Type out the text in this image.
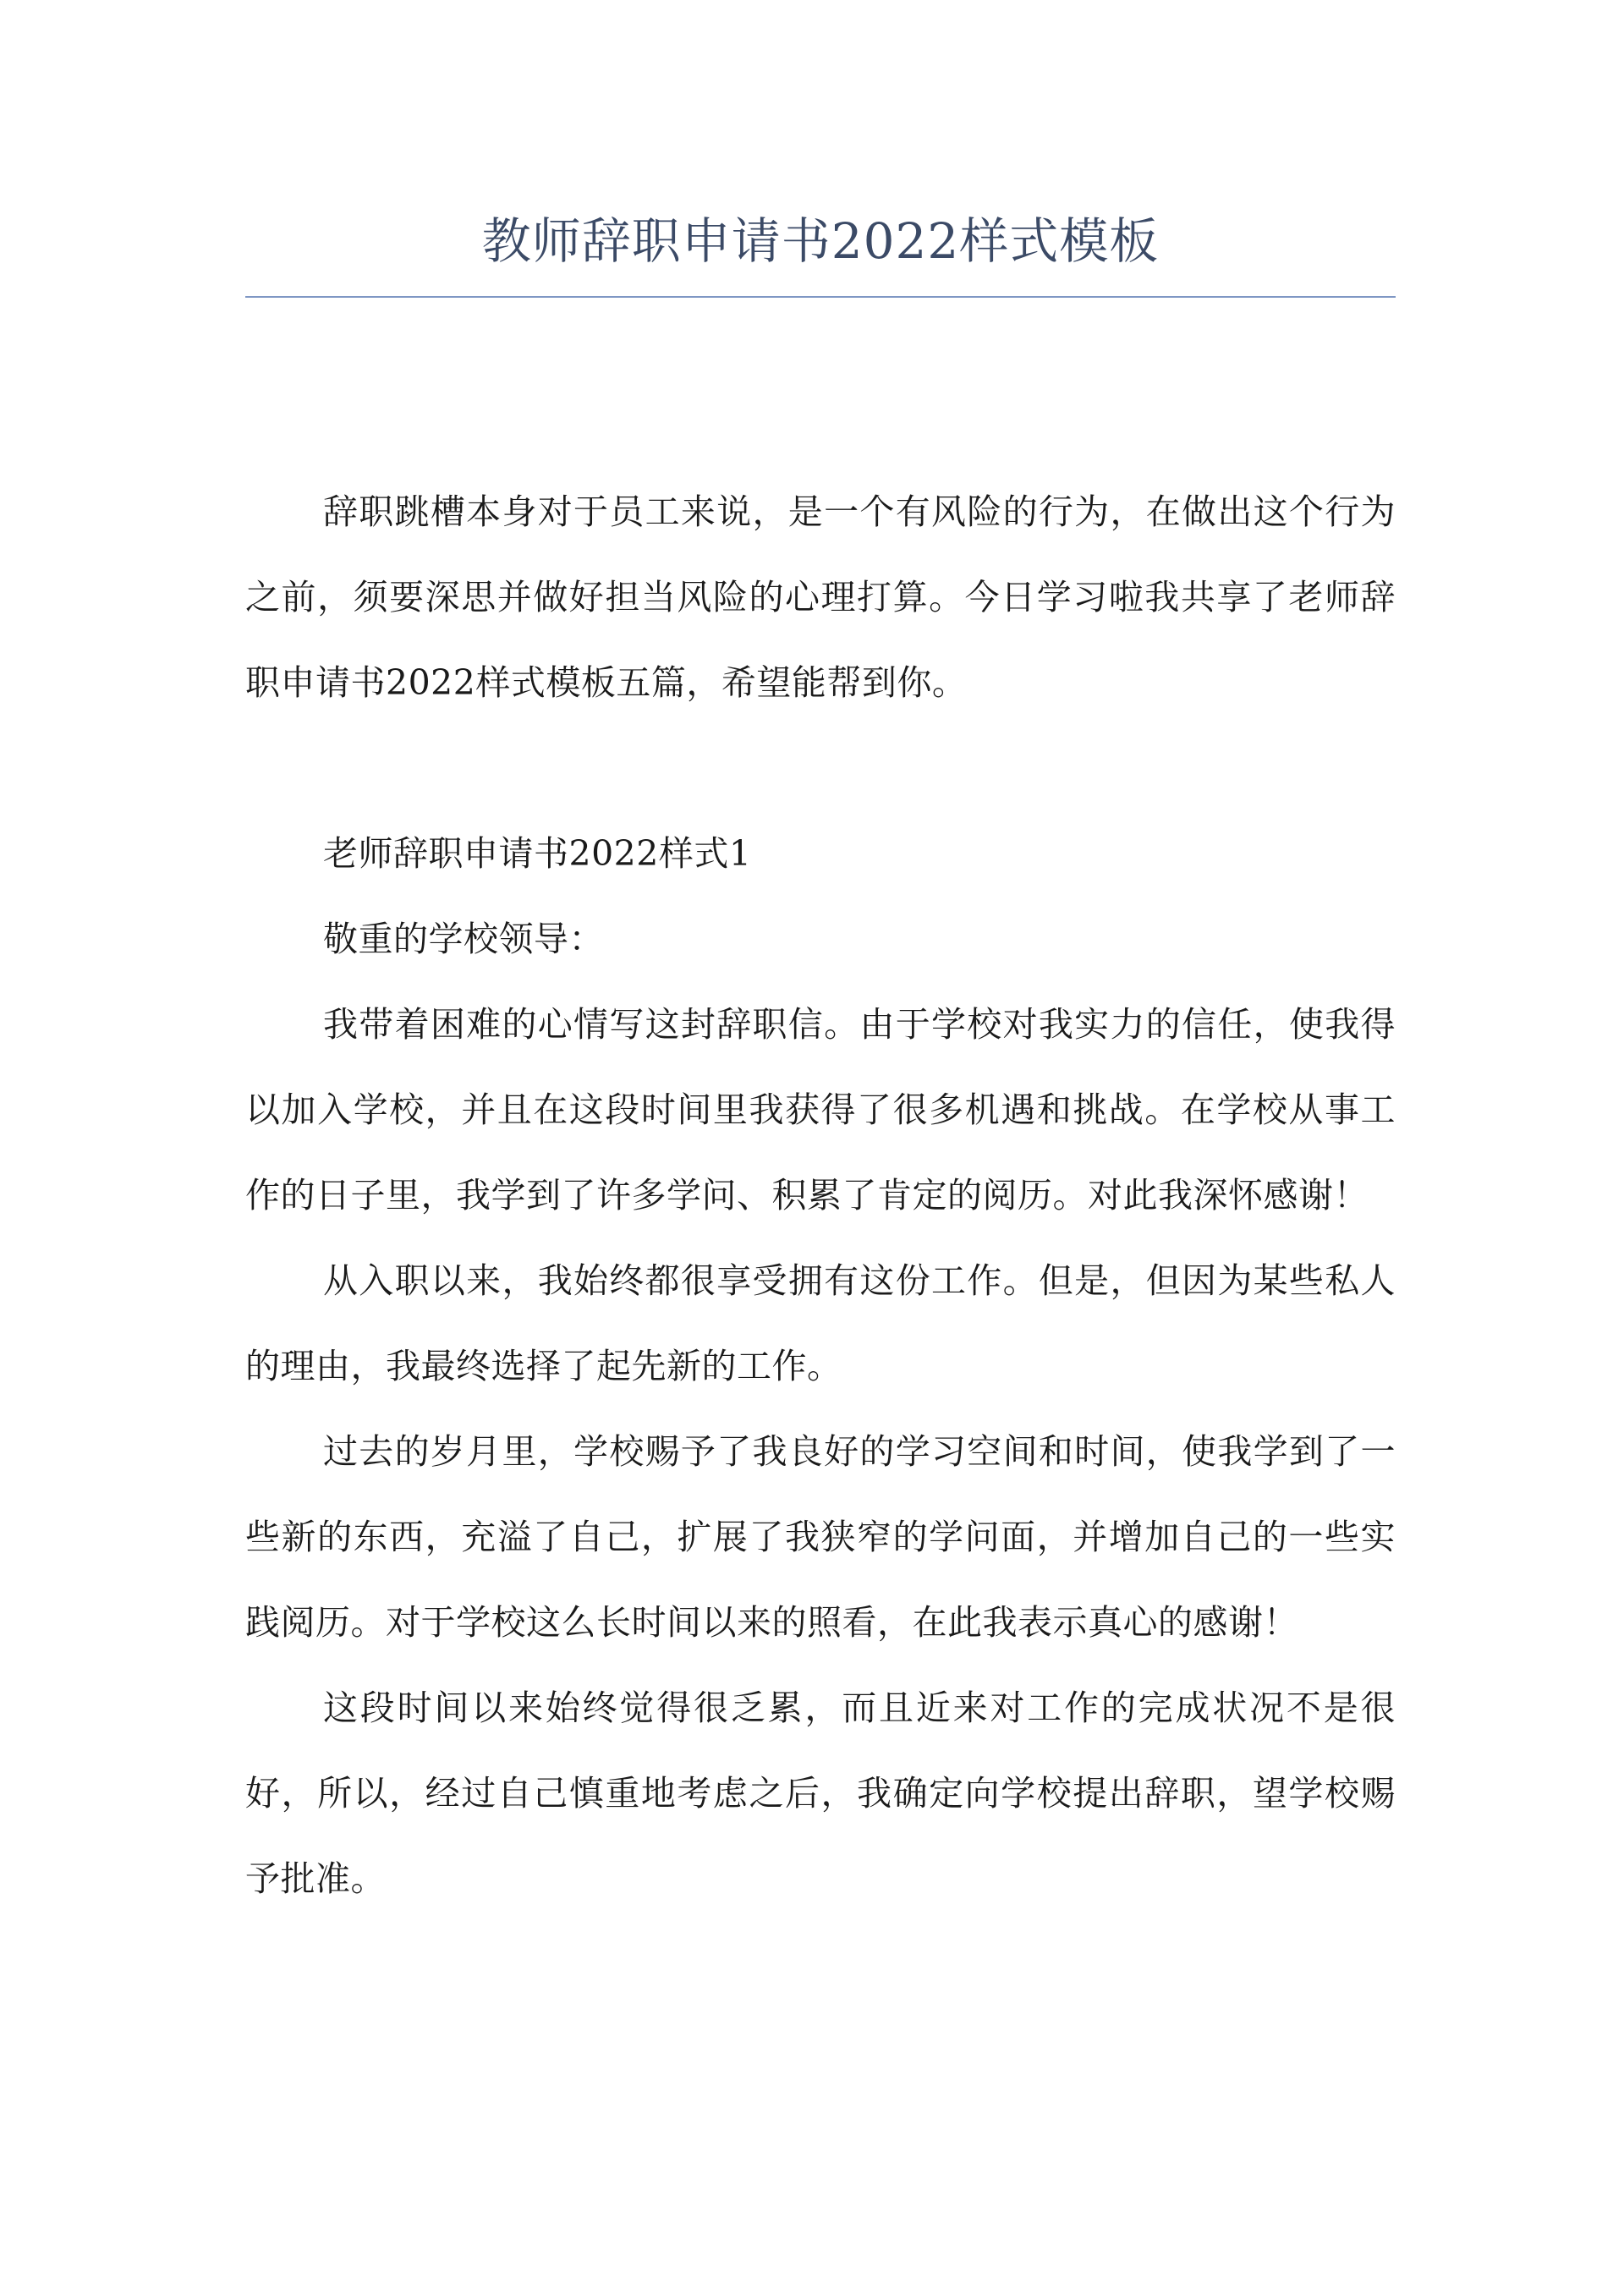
教师辞职申请书2022样式模板

辞职跳槽本身对于员工来说，是一个有风险的行为，在做出这个行为之前，须要深思并做好担当风险的心理打算。今日学习啦我共享了老师辞职申请书2022样式模板五篇，希望能帮到你。

老师辞职申请书2022样式1

敬重的学校领导：

我带着困难的心情写这封辞职信。由于学校对我实力的信任，使我得以加入学校，并且在这段时间里我获得了很多机遇和挑战。在学校从事工作的日子里，我学到了许多学问、积累了肯定的阅历。对此我深怀感谢！

从入职以来，我始终都很享受拥有这份工作。但是，但因为某些私人的理由，我最终选择了起先新的工作。

过去的岁月里，学校赐予了我良好的学习空间和时间，使我学到了一些新的东西，充溢了自己，扩展了我狭窄的学问面，并增加自己的一些实践阅历。对于学校这么长时间以来的照看，在此我表示真心的感谢！

这段时间以来始终觉得很乏累，而且近来对工作的完成状况不是很好，所以，经过自己慎重地考虑之后，我确定向学校提出辞职，望学校赐予批准。
